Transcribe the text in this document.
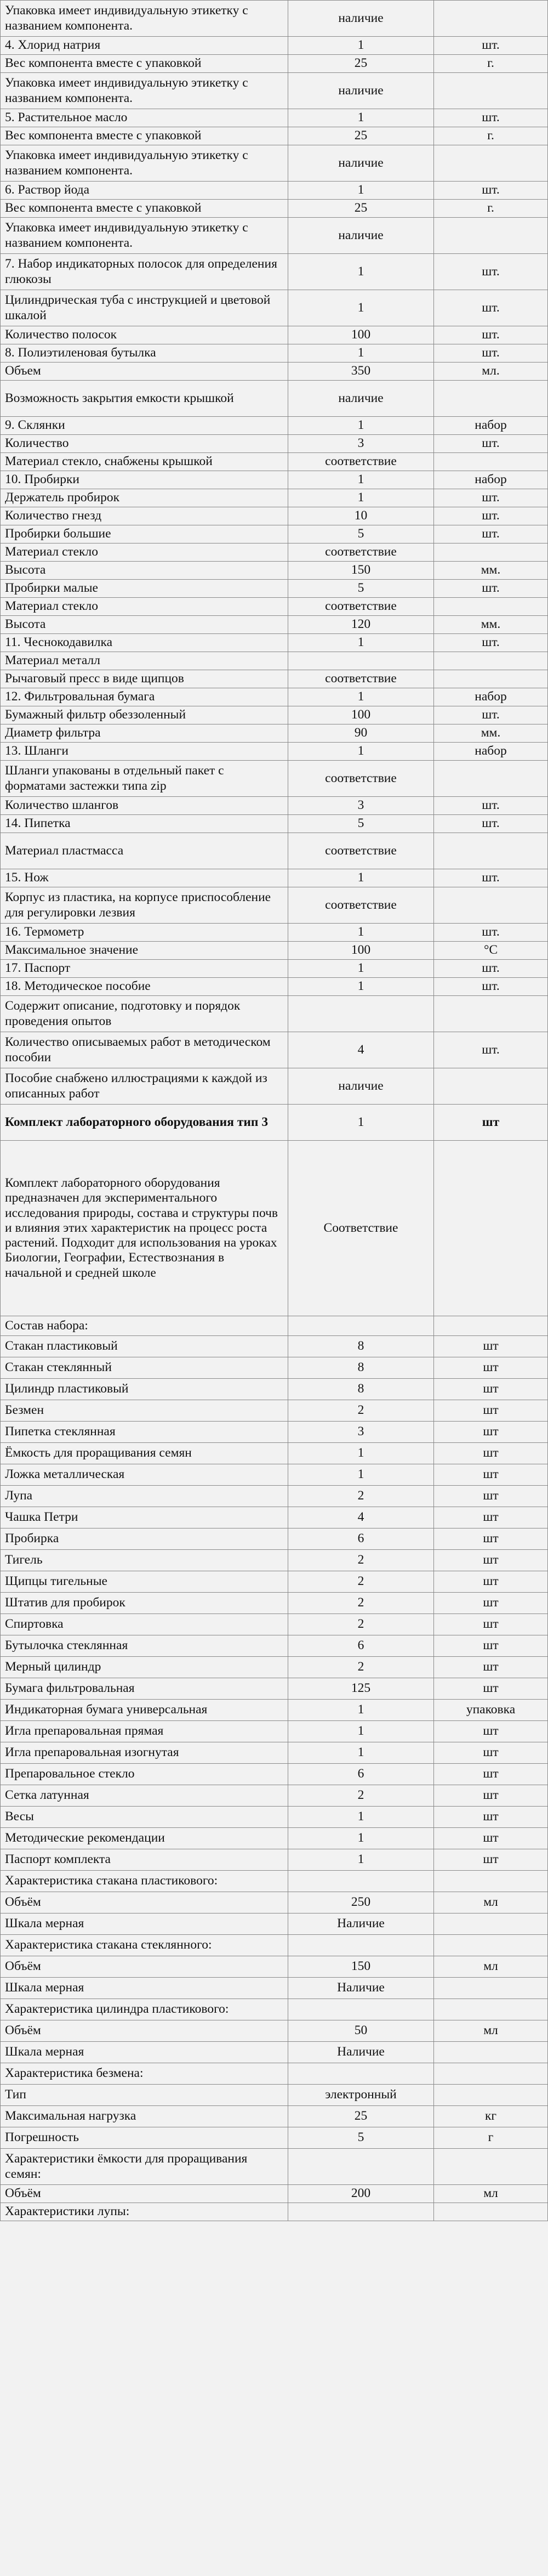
Упаковка имеет индивидуальную этикетку с названием компонента.	наличие	
4. Хлорид натрия	1	шт.
Вес компонента вместе с упаковкой	25	г.
Упаковка имеет индивидуальную этикетку с названием компонента.	наличие	
5. Растительное масло	1	шт.
Вес компонента вместе с упаковкой	25	г.
Упаковка имеет индивидуальную этикетку с названием компонента.	наличие	
6. Раствор йода	1	шт.
Вес компонента вместе с упаковкой	25	г.
Упаковка имеет индивидуальную этикетку с названием компонента.	наличие	
7. Набор индикаторных полосок для определения глюкозы	1	шт.
Цилиндрическая туба с инструкцией и цветовой шкалой	1	шт.
Количество полосок	100	шт.
8. Полиэтиленовая бутылка	1	шт.
Объем	350	мл.
Возможность закрытия емкости крышкой	наличие	
9. Склянки	1	набор
Количество	3	шт.
Материал стекло, снабжены крышкой	соответствие	
10. Пробирки	1	набор
Держатель пробирок	1	шт.
Количество гнезд	10	шт.
Пробирки большие	5	шт.
Материал стекло	соответствие	
Высота	150	мм.
Пробирки малые	5	шт.
Материал стекло	соответствие	
Высота	120	мм.
11. Чеснокодавилка	1	шт.
Материал металл		
Рычаговый пресс в виде щипцов	соответствие	
12. Фильтровальная бумага	1	набор
Бумажный фильтр обеззоленный	100	шт.
Диаметр фильтра	90	мм.
13. Шланги	1	набор
Шланги упакованы в отдельный пакет с форматами застежки типа zip	соответствие	
Количество шлангов	3	шт.
14. Пипетка	5	шт.
Материал пластмасса	соответствие	
15. Нож	1	шт.
Корпус из пластика, на корпусе приспособление для регулировки лезвия	соответствие	
16. Термометр	1	шт.
Максимальное значение	100	°C
17. Паспорт	1	шт.
18. Методическое пособие	1	шт.
Содержит описание, подготовку и порядок проведения опытов		
Количество описываемых работ в методическом пособии	4	шт.
Пособие снабжено иллюстрациями к каждой из описанных работ	наличие	
Комплект лабораторного оборудования тип 3	1	шт
Комплект лабораторного оборудования предназначен для экспериментального исследования природы, состава и структуры почв и влияния этих характеристик на процесс роста растений. Подходит для использования на уроках Биологии, Географии, Естествознания в начальной и средней школе	Соответствие	
Состав набора:		
Стакан пластиковый	8	шт
Стакан стеклянный	8	шт
Цилиндр пластиковый	8	шт
Безмен	2	шт
Пипетка стеклянная	3	шт
Ёмкость для проращивания семян	1	шт
Ложка металлическая	1	шт
Лупа	2	шт
Чашка Петри	4	шт
Пробирка	6	шт
Тигель	2	шт
Щипцы тигельные	2	шт
Штатив для пробирок	2	шт
Спиртовка	2	шт
Бутылочка стеклянная	6	шт
Мерный цилиндр	2	шт
Бумага фильтровальная	125	шт
Индикаторная бумага универсальная	1	упаковка
Игла препаровальная прямая	1	шт
Игла препаровальная изогнутая	1	шт
Препаровальное стекло	6	шт
Сетка латунная	2	шт
Весы	1	шт
Методические рекомендации	1	шт
Паспорт комплекта	1	шт
Характеристика стакана пластикового:		
Объём	250	мл
Шкала мерная	Наличие	
Характеристика стакана стеклянного:		
Объём	150	мл
Шкала мерная	Наличие	
Характеристика цилиндра пластикового:		
Объём	50	мл
Шкала мерная	Наличие	
Характеристика безмена:		
Тип	электронный	
Максимальная нагрузка	25	кг
Погрешность	5	г
Характеристики ёмкости для проращивания семян:		
Объём	200	мл
Характеристики лупы:		
